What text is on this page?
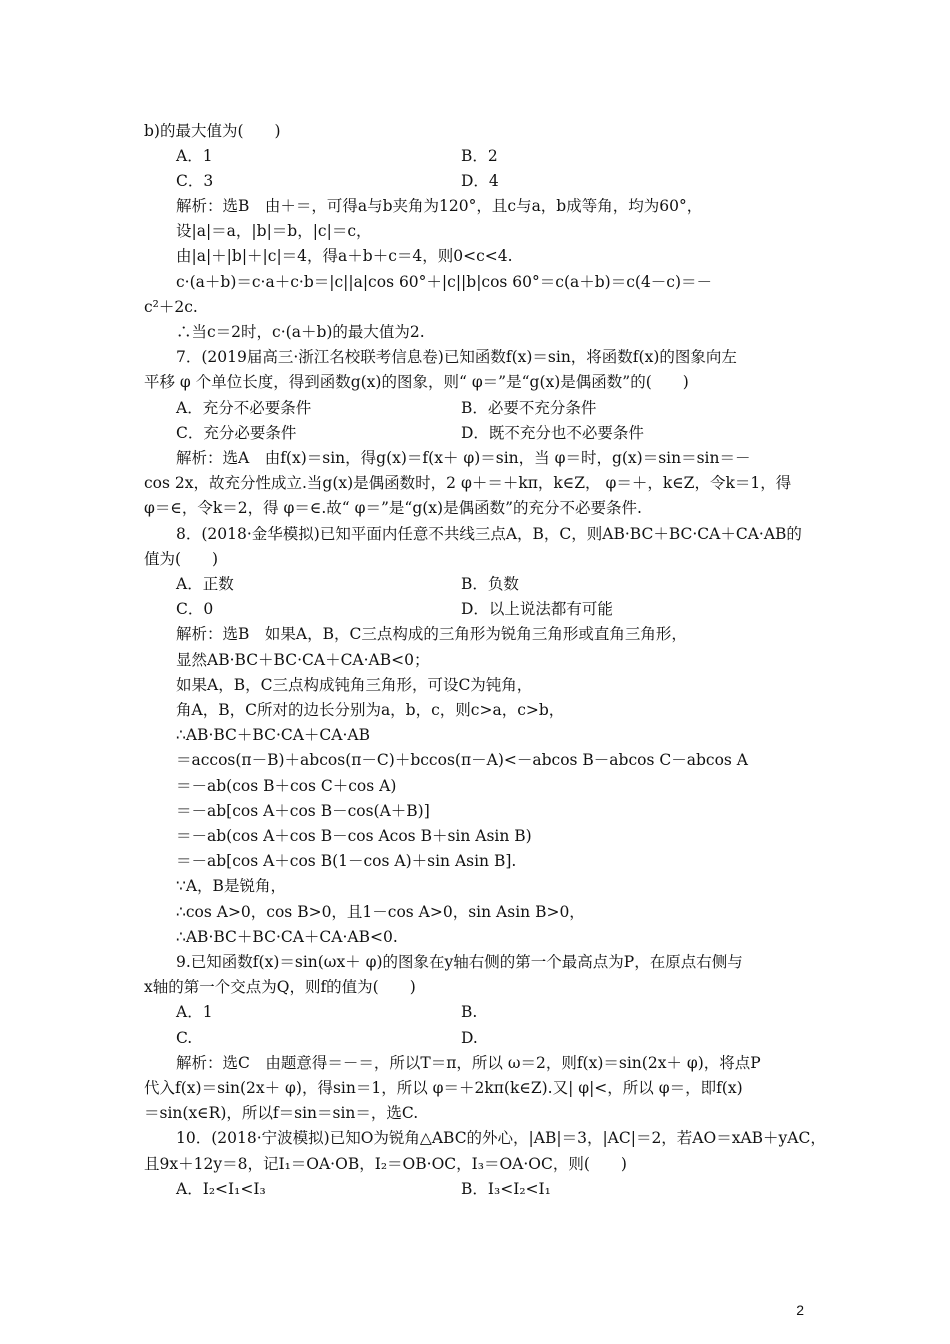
b)的最大值为(　　)
A．1	B．2
C．3	D．4
解析：选B　由＋＝，可得a与b夹角为120°，且c与a，b成等角，均为60°，
设|a|＝a，|b|＝b，|c|＝c，
由|a|＋|b|＋|c|＝4，得a＋b＋c＝4，则0<c<4.
c·(a＋b)＝c·a＋c·b＝|c||a|cos 60°＋|c||b|cos 60°＝c(a＋b)＝c(4－c)＝－
c²＋2c.
∴当c＝2时，c·(a＋b)的最大值为2.
7．(2019届高三·浙江名校联考信息卷)已知函数f(x)＝sin，将函数f(x)的图象向左
平移 φ 个单位长度，得到函数g(x)的图象，则“ φ＝”是“g(x)是偶函数”的(　　)
A．充分不必要条件	B．必要不充分条件
C．充分必要条件	D．既不充分也不必要条件
解析：选A　由f(x)＝sin，得g(x)＝f(x＋ φ)＝sin，当 φ＝时，g(x)＝sin＝sin＝－
cos 2x，故充分性成立.当g(x)是偶函数时，2 φ＋＝＋kπ，k∈Z， φ＝＋，k∈Z，令k＝1，得
φ＝∈，令k＝2，得 φ＝∈.故“ φ＝”是“g(x)是偶函数”的充分不必要条件.
8．(2018·金华模拟)已知平面内任意不共线三点A，B，C，则AB·BC＋BC·CA＋CA·AB的
值为(　　)
A．正数	B．负数
C．0	D．以上说法都有可能
解析：选B　如果A，B，C三点构成的三角形为锐角三角形或直角三角形，
显然AB·BC＋BC·CA＋CA·AB<0；
如果A，B，C三点构成钝角三角形，可设C为钝角，
角A，B，C所对的边长分别为a，b，c，则c>a，c>b，
∴AB·BC＋BC·CA＋CA·AB
＝accos(π－B)＋abcos(π－C)＋bccos(π－A)<－abcos B－abcos C－abcos A
＝－ab(cos B＋cos C＋cos A)
＝－ab[cos A＋cos B－cos(A＋B)]
＝－ab(cos A＋cos B－cos Acos B＋sin Asin B)
＝－ab[cos A＋cos B(1－cos A)＋sin Asin B].
∵A，B是锐角，
∴cos A>0，cos B>0，且1－cos A>0，sin Asin B>0，
∴AB·BC＋BC·CA＋CA·AB<0.
9.已知函数f(x)＝sin(ωx＋ φ)的图象在y轴右侧的第一个最高点为P，在原点右侧与
x轴的第一个交点为Q，则f的值为(　　)
A．1	B.
C.	D.
解析：选C　由题意得＝－＝，所以T＝π，所以 ω＝2，则f(x)＝sin(2x＋ φ)，将点P
代入f(x)＝sin(2x＋ φ)，得sin＝1，所以 φ＝＋2kπ(k∈Z).又| φ|<，所以 φ＝，即f(x)
＝sin(x∈R)，所以f＝sin＝sin＝，选C.
10．(2018·宁波模拟)已知O为锐角△ABC的外心，|AB|＝3，|AC|＝2，若AO＝xAB＋yAC，
且9x＋12y＝8，记I₁＝OA·OB，I₂＝OB·OC，I₃＝OA·OC，则(　　)
A．I₂<I₁<I₃	B．I₃<I₂<I₁
2
